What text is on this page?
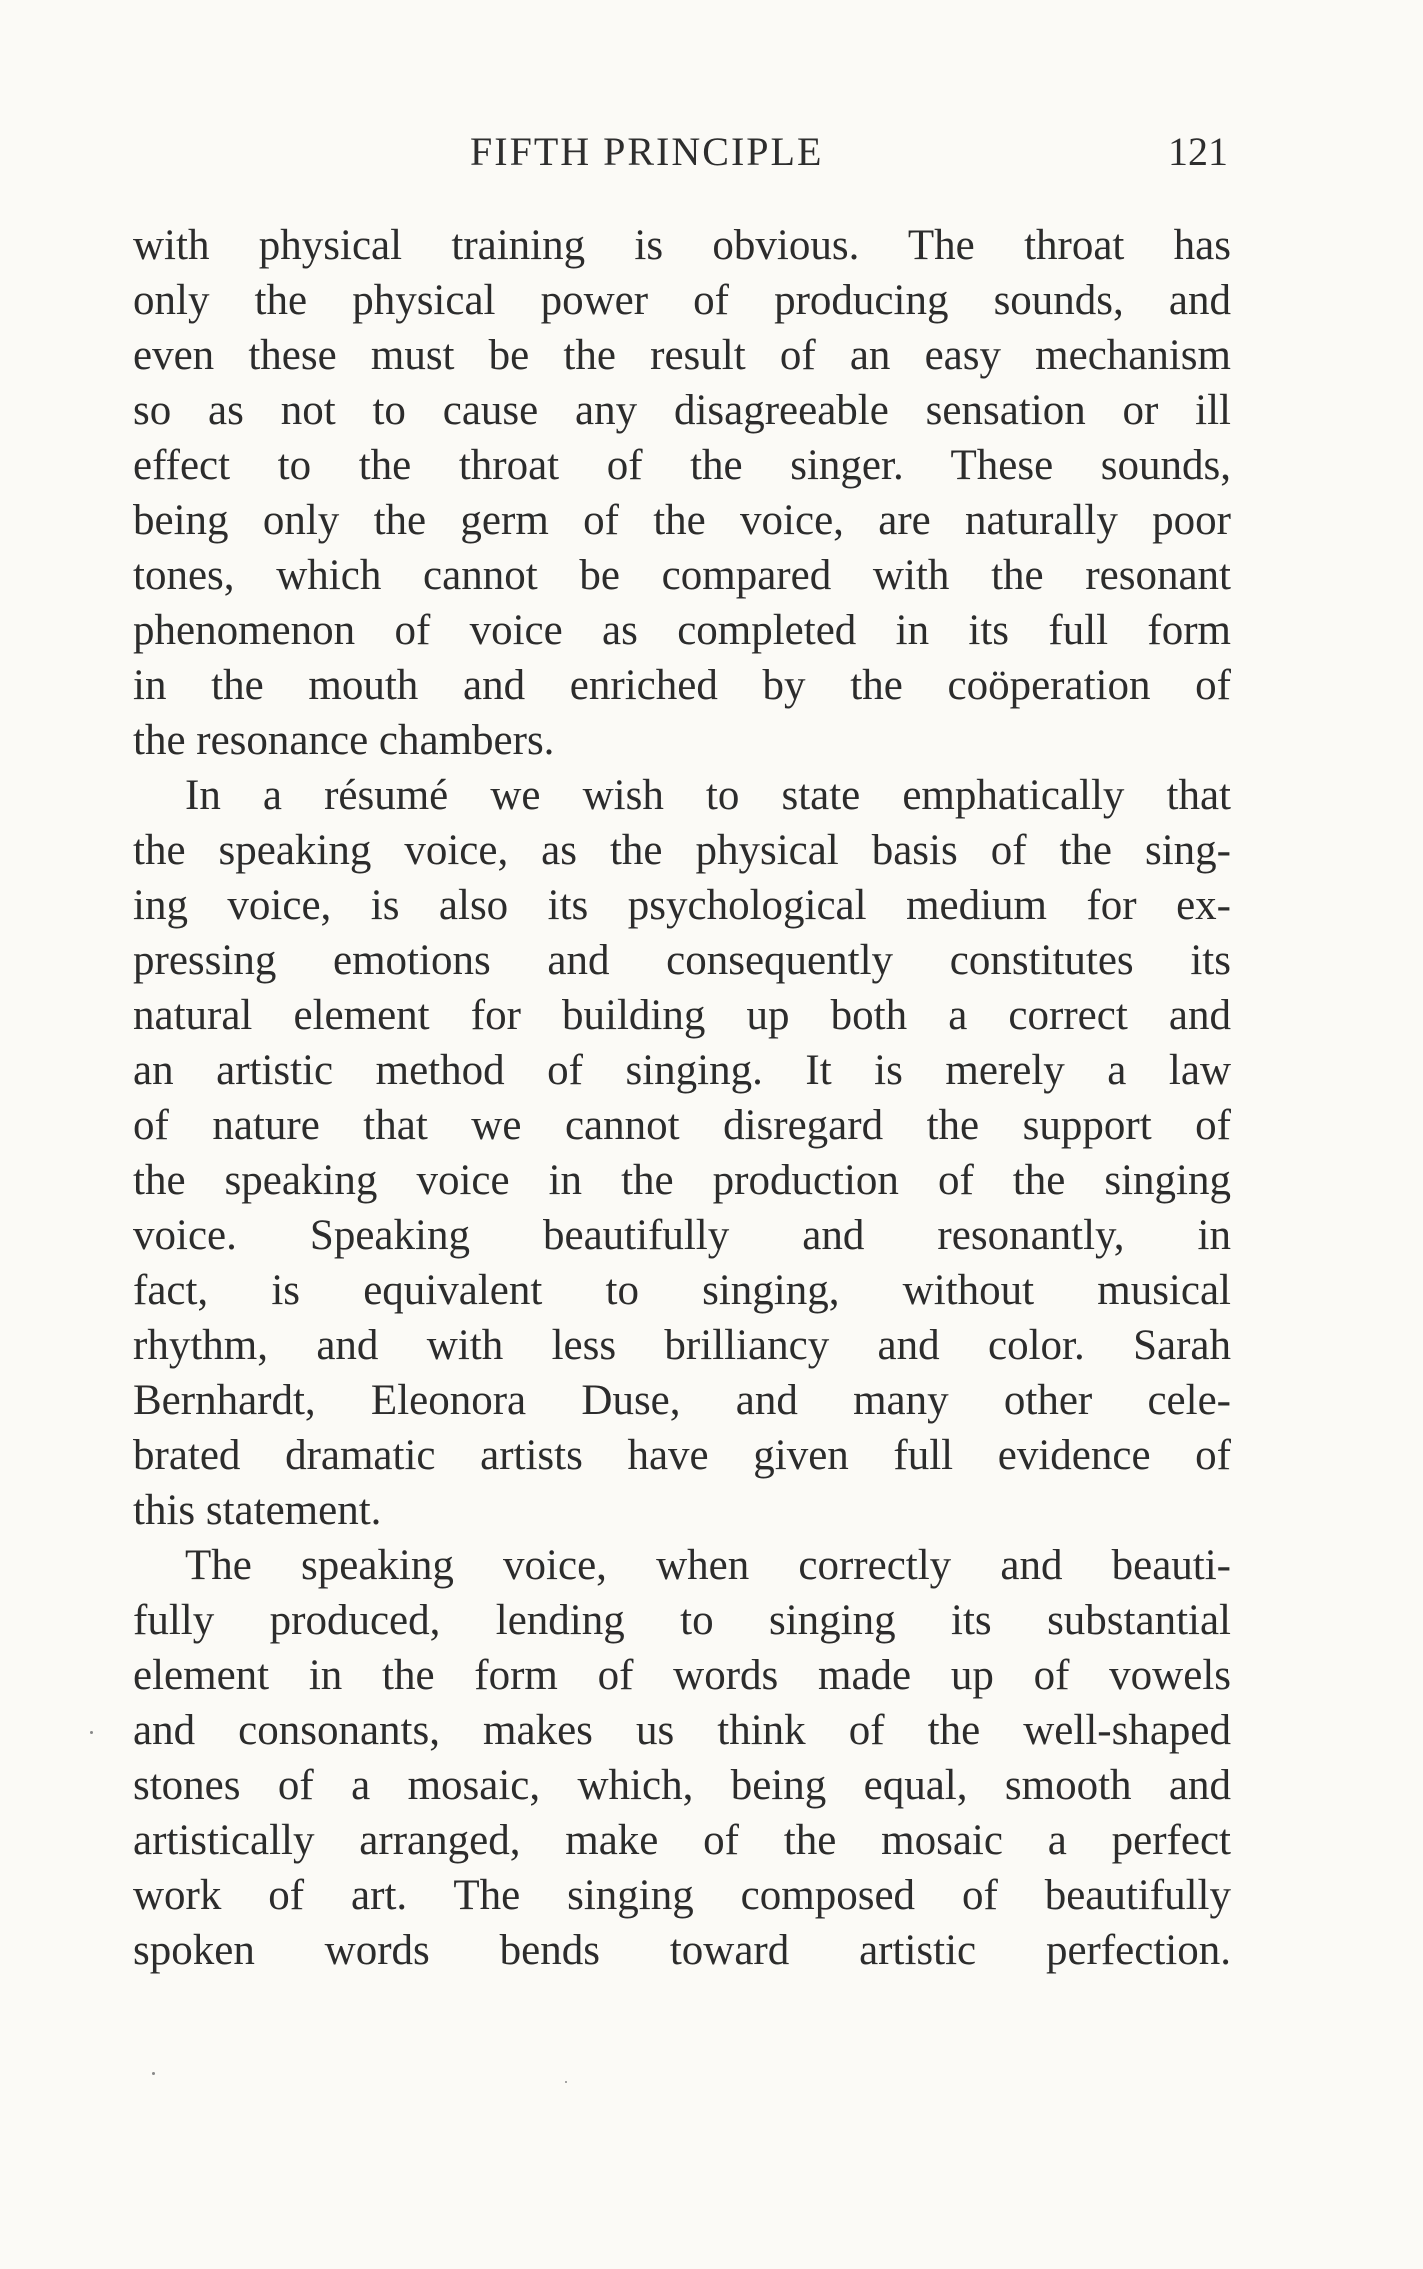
FIFTH PRINCIPLE	121
with physical training is obvious. The throat has
only the physical power of producing sounds, and
even these must be the result of an easy mechanism
so as not to cause any disagreeable sensation or ill
effect to the throat of the singer. These sounds,
being only the germ of the voice, are naturally poor
tones, which cannot be compared with the resonant
phenomenon of voice as completed in its full form
in the mouth and enriched by the coöperation of
the resonance chambers.
In a résumé we wish to state emphatically that
the speaking voice, as the physical basis of the sing-
ing voice, is also its psychological medium for ex-
pressing emotions and consequently constitutes its
natural element for building up both a correct and
an artistic method of singing. It is merely a law
of nature that we cannot disregard the support of
the speaking voice in the production of the singing
voice. Speaking beautifully and resonantly, in
fact, is equivalent to singing, without musical
rhythm, and with less brilliancy and color. Sarah
Bernhardt, Eleonora Duse, and many other cele-
brated dramatic artists have given full evidence of
this statement.
The speaking voice, when correctly and beauti-
fully produced, lending to singing its substantial
element in the form of words made up of vowels
and consonants, makes us think of the well-shaped
stones of a mosaic, which, being equal, smooth and
artistically arranged, make of the mosaic a perfect
work of art. The singing composed of beautifully
spoken words bends toward artistic perfection.
